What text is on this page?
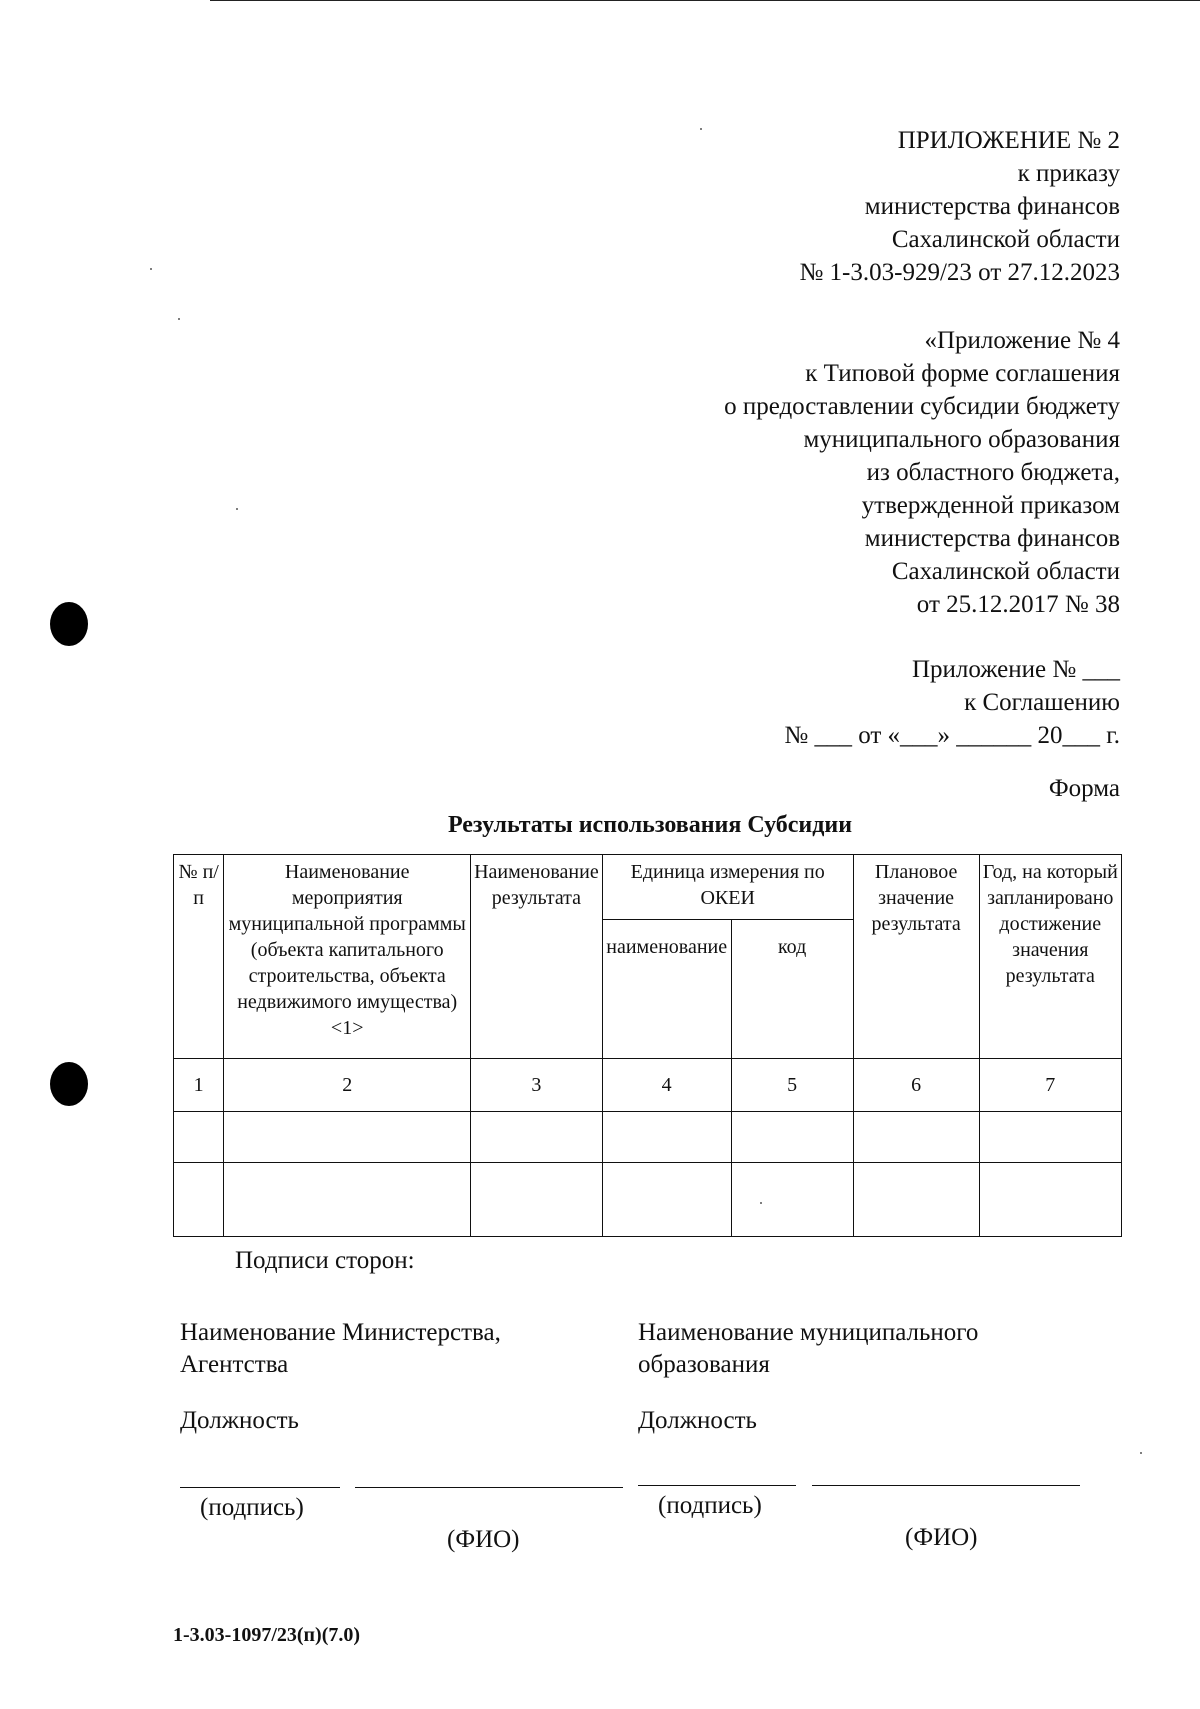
ПРИЛОЖЕНИЕ № 2
к приказу
министерства финансов
Сахалинской области
№ 1-3.03-929/23 от 27.12.2023
«Приложение № 4
к Типовой форме соглашения
о предоставлении субсидии бюджету
муниципального образования
из областного бюджета,
утвержденной приказом
министерства финансов
Сахалинской области
от 25.12.2017 № 38
Приложение № ___
к Соглашению
№ ___ от «___» ______ 20___ г.
Форма
Результаты использования Субсидии
№ п/п	Наименование мероприятия муниципальной программы (объекта капитального строительства, объекта недвижимого имущества) <1>	Наименование результата	Единица измерения по ОКЕИ		Плановое значение результата	Год, на который запланировано достижение значения результата
			наименование	код		
1	2	3	4	5	6	7

Подписи сторон:
Наименование Министерства, Агентства
Наименование муниципального образования
Должность	Должность
(подпись)
(ФИО)
(подпись)
(ФИО)
1-3.03-1097/23(п)(7.0)
